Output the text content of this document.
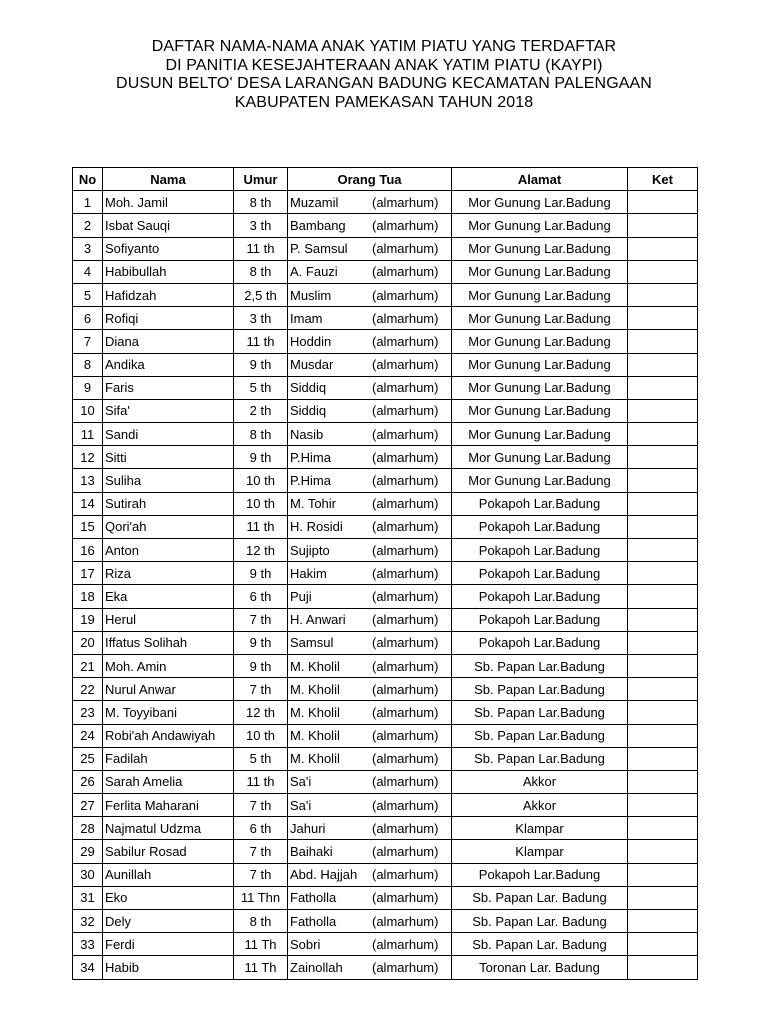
DAFTAR NAMA-NAMA ANAK YATIM PIATU YANG TERDAFTAR
DI PANITIA KESEJAHTERAAN ANAK YATIM PIATU (KAYPI)
DUSUN BELTO' DESA LARANGAN BADUNG KECAMATAN PALENGAAN
KABUPATEN PAMEKASAN TAHUN 2018
No	Nama	Umur	Orang Tua	Alamat	Ket
1	Moh. Jamil	8 th	Muzamil (almarhum)	Mor Gunung Lar.Badung	
2	Isbat Sauqi	3 th	Bambang (almarhum)	Mor Gunung Lar.Badung	
3	Sofiyanto	11 th	P. Samsul (almarhum)	Mor Gunung Lar.Badung	
4	Habibullah	8 th	A. Fauzi (almarhum)	Mor Gunung Lar.Badung	
5	Hafidzah	2,5 th	Muslim (almarhum)	Mor Gunung Lar.Badung	
6	Rofiqi	3 th	Imam (almarhum)	Mor Gunung Lar.Badung	
7	Diana	11 th	Hoddin (almarhum)	Mor Gunung Lar.Badung	
8	Andika	9 th	Musdar (almarhum)	Mor Gunung Lar.Badung	
9	Faris	5 th	Siddiq (almarhum)	Mor Gunung Lar.Badung	
10	Sifa'	2 th	Siddiq (almarhum)	Mor Gunung Lar.Badung	
11	Sandi	8 th	Nasib (almarhum)	Mor Gunung Lar.Badung	
12	Sitti	9 th	P.Hima (almarhum)	Mor Gunung Lar.Badung	
13	Suliha	10 th	P.Hima (almarhum)	Mor Gunung Lar.Badung	
14	Sutirah	10 th	M. Tohir (almarhum)	Pokapoh Lar.Badung	
15	Qori'ah	11 th	H. Rosidi (almarhum)	Pokapoh Lar.Badung	
16	Anton	12 th	Sujipto (almarhum)	Pokapoh Lar.Badung	
17	Riza	9 th	Hakim (almarhum)	Pokapoh Lar.Badung	
18	Eka	6 th	Puji (almarhum)	Pokapoh Lar.Badung	
19	Herul	7 th	H. Anwari (almarhum)	Pokapoh Lar.Badung	
20	Iffatus Solihah	9 th	Samsul (almarhum)	Pokapoh Lar.Badung	
21	Moh. Amin	9 th	M. Kholil (almarhum)	Sb. Papan Lar.Badung	
22	Nurul Anwar	7 th	M. Kholil (almarhum)	Sb. Papan Lar.Badung	
23	M. Toyyibani	12 th	M. Kholil (almarhum)	Sb. Papan Lar.Badung	
24	Robi'ah Andawiyah	10 th	M. Kholil (almarhum)	Sb. Papan Lar.Badung	
25	Fadilah	5 th	M. Kholil (almarhum)	Sb. Papan Lar.Badung	
26	Sarah Amelia	11 th	Sa'i (almarhum)	Akkor	
27	Ferlita Maharani	7 th	Sa'i (almarhum)	Akkor	
28	Najmatul Udzma	6 th	Jahuri (almarhum)	Klampar	
29	Sabilur Rosad	7 th	Baihaki (almarhum)	Klampar	
30	Aunillah	7 th	Abd. Hajjah (almarhum)	Pokapoh Lar.Badung	
31	Eko	11 Thn	Fatholla (almarhum)	Sb. Papan Lar. Badung	
32	Dely	8 th	Fatholla (almarhum)	Sb. Papan Lar. Badung	
33	Ferdi	11 Th	Sobri (almarhum)	Sb. Papan Lar. Badung	
34	Habib	11 Th	Zainollah (almarhum)	Toronan Lar. Badung	
